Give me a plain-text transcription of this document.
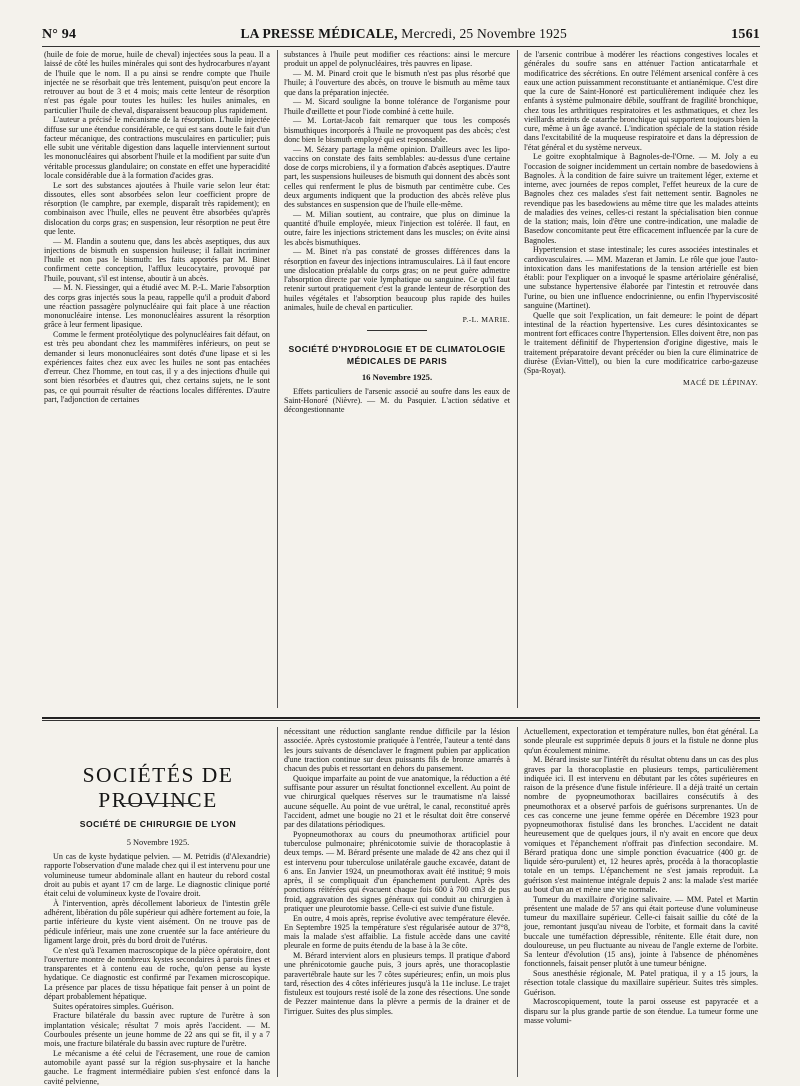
N° 94	LA PRESSE MÉDICALE, Mercredi, 25 Novembre 1925	1561

(huile de foie de morue, huile de cheval) injectées sous la peau. Il a laissé de côté les huiles minérales qui sont des hydrocarbures n'ayant de l'huile que le nom. Il a pu ainsi se rendre compte que l'huile injectée ne se résorbait que très lentement, puisqu'on peut encore la retrouver au bout de 3 et 4 mois; mais cette lenteur de résorption n'est pas égale pour toutes les huiles: les huiles animales, en particulier l'huile de cheval, disparaissent beaucoup plus rapidement.

L'auteur a précisé le mécanisme de la résorption. L'huile injectée diffuse sur une étendue considérable, ce qui est sans doute le fait d'un facteur mécanique, des contractions musculaires en particulier; puis elle subit une véritable digestion dans laquelle interviennent surtout les mononucléaires qui absorbent l'huile et la modifient par suite d'un véritable processus glandulaire; on constate en effet une hyperacidité locale considérable due à la formation d'acides gras.

Le sort des substances ajoutées à l'huile varie selon leur état: dissoutes, elles sont absorbées selon leur coefficient propre de résorption (le camphre, par exemple, disparaît très rapidement); en combinaison avec l'huile, elles ne peuvent être absorbées qu'après dislocation du corps gras; en suspension, leur résorption ne peut être que lente.

— M. Flandin a soutenu que, dans les abcès aseptiques, dus aux injections de bismuth en suspension huileuse; il fallait incriminer l'huile et non pas le bismuth: les faits apportés par M. Binet confirment cette conception, l'afflux leucocytaire, provoqué par l'huile, pouvant, s'il est intense, aboutir à un abcès.

— M. N. Fiessinger, qui a étudié avec M. P.-L. Marie l'absorption des corps gras injectés sous la peau, rappelle qu'il a produit d'abord une réaction passagère polynucléaire qui fait place à une réaction mononucléaire intense. Les mononucléaires assurent la résorption grâce à leur ferment lipasique.

Comme le ferment protéolytique des polynucléaires fait défaut, on est très peu abondant chez les mammifères inférieurs, on peut se demander si leurs mononucléaires sont dotés d'une lipase et si les expériences faites chez eux avec les huiles ne sont pas entachées d'erreur. Chez l'homme, en tout cas, il y a des injections d'huile qui sont bien résorbées et d'autres qui, chez certains sujets, ne le sont pas, ce qui pourrait résulter de réactions locales différentes. D'autre part, l'adjonction de certaines

substances à l'huile peut modifier ces réactions: ainsi le mercure produit un appel de polynucléaires, très pauvres en lipase.

— M. M. Pinard croit que le bismuth n'est pas plus résorbé que l'huile; à l'ouverture des abcès, on trouve le bismuth au même taux que dans la préparation injectée.

— M. Sicard souligne la bonne tolérance de l'organisme pour l'huile d'œillette et pour l'iode combiné à cette huile.

— M. Lortat-Jacob fait remarquer que tous les composés bismuthiques incorporés à l'huile ne provoquent pas des abcès; c'est donc bien le bismuth employé qui est responsable.

— M. Sézary partage la même opinion. D'ailleurs avec les lipo-vaccins on constate des faits semblables: au-dessus d'une certaine dose de corps microbiens, il y a formation d'abcès aseptiques. D'autre part, les suspensions huileuses de bismuth qui donnent des abcès sont celles qui renferment le plus de bismuth par centimètre cube. Ces deux arguments indiquent que la production des abcès relève plus des substances en suspension que de l'huile elle-même.

— M. Milian soutient, au contraire, que plus on diminue la quantité d'huile employée, mieux l'injection est tolérée. Il faut, en outre, faire les injections strictement dans les muscles; on évite ainsi les abcès bismuthiques.

— M. Binet n'a pas constaté de grosses différences dans la résorption en faveur des injections intramusculaires. Là il faut encore une dislocation préalable du corps gras; on ne peut guère admettre l'absorption directe par voie lymphatique ou sanguine. Ce qu'il faut retenir surtout pratiquement c'est la grande lenteur de résorption des huiles végétales et l'absorption beaucoup plus rapide des huiles animales, huile de cheval en particulier.

P.-L. MARIE.
SOCIÉTÉ D'HYDROLOGIE ET DE CLIMATOLOGIE MÉDICALES DE PARIS
16 Novembre 1925.

Effets particuliers de l'arsenic associé au soufre dans les eaux de Saint-Honoré (Nièvre). — M. du Pasquier. L'action sédative et décongestionnante

de l'arsenic contribue à modérer les réactions congestives locales et générales du soufre sans en atténuer l'action anticatarrhale et modificatrice des sécrétions. En outre l'élément arsenical confère à ces eaux une action puissamment reconstituante et antianémique. C'est dire que la cure de Saint-Honoré est particulièrement indiquée chez les enfants à système pulmonaire débile, souffrant de fragilité bronchique, chez tous les arthritiques respiratoires et les asthmatiques, et chez les vieillards atteints de catarrhe bronchique qui supportent toujours bien la cure, même à un âge avancé. L'indication spéciale de la station réside dans l'excitabilité de la muqueuse respiratoire et dans la dépression de l'état général et du système nerveux.

Le goitre exophtalmique à Bagnoles-de-l'Orne. — M. Joly a eu l'occasion de soigner incidemment un certain nombre de basedowiens à Bagnoles. À la condition de faire suivre un traitement léger, externe et interne, avec journées de repos complet, l'effet heureux de la cure de Bagnoles chez ces malades s'est fait nettement sentir. Bagnoles ne revendique pas les basedowiens au même titre que les malades atteints de maladies des veines, celles-ci restant la spécialisation bien connue de la station; mais, loin d'être une contre-indication, une maladie de Basedow concomitante peut être efficacement influencée par la cure de Bagnoles.

Hypertension et stase intestinale; les cures associées intestinales et cardiovasculaires. — MM. Mazeran et Jamin. Le rôle que joue l'auto-intoxication dans les manifestations de la tension artérielle est bien établi: pour l'expliquer on a invoqué le spasme artériolaire généralisé, une substance hypertensive élaborée par l'intestin et retrouvée dans l'urine, ou bien une influence endocrinienne, ou enfin l'hyperviscosité sanguine (Martinet).

Quelle que soit l'explication, un fait demeure: le point de départ intestinal de la réaction hypertensive. Les cures désintoxicantes se montrent fort efficaces contre l'hypertension. Elles doivent être, non pas le traitement définitif de l'hypertension d'origine digestive, mais le traitement préparatoire devant précéder ou bien la cure éliminatrice de diurèse (Évian-Vittel), ou bien la cure modificatrice carbo-gazeuse (Spa-Royat).

MACÉ DE LÉPINAY.
SOCIÉTÉS DE PROVINCE
SOCIÉTÉ DE CHIRURGIE DE LYON
5 Novembre 1925.

Un cas de kyste hydatique pelvien. — M. Petridis (d'Alexandrie) rapporte l'observation d'une malade chez qui il est intervenu pour une volumineuse tumeur abdominale allant en hauteur du rebord costal droit au pubis et ayant 17 cm de large. Le diagnostic clinique porté était celui de volumineux kyste de l'ovaire droit.

À l'intervention, après décollement laborieux de l'intestin grêle adhérent, libération du pôle supérieur qui adhère fortement au foie, la partie inférieure du kyste vient aisément. On ne trouve pas de pédicule inférieur, mais une zone cruentée sur la face antérieure du ligament large droit, près du bord droit de l'utérus.

Ce n'est qu'à l'examen macroscopique de la pièce opératoire, dont l'ouverture montre de nombreux kystes secondaires à parois fines et transparentes et à contenu eau de roche, qu'on pense au kyste hydatique. Ce diagnostic est confirmé par l'examen microscopique. La présence par places de tissu hépatique fait penser à un point de départ probablement hépatique.

Suites opératoires simples. Guérison.

Fracture bilatérale du bassin avec rupture de l'urètre à son implantation vésicale; résultat 7 mois après l'accident. — M. Courboules présente un jeune homme de 22 ans qui se fit, il y a 7 mois, une fracture bilatérale du bassin avec rupture de l'urètre.

Le mécanisme a été celui de l'écrasement, une roue de camion automobile ayant passé sur la région sus-physaire et la hanche gauche. Le fragment intermédiaire pubien s'est enfoncé dans la cavité pelvienne,

nécessitant une réduction sanglante rendue difficile par la lésion associée. Après cystostomie pratiquée à l'entrée, l'auteur a tenté dans les jours suivants de désenclaver le fragment pubien par application d'une traction continue sur deux puissants fils de bronze amarrés à chacun des pubis et ressortant en dehors du pansement.

Quoique imparfaite au point de vue anatomique, la réduction a été suffisante pour assurer un résultat fonctionnel excellent. Au point de vue chirurgical quelques réserves sur le traumatisme n'a laissé aucune séquelle. Au point de vue urétral, le canal, reconstitué après l'accident, admet une bougie no 21 et le résultat doit être conservé par des dilatations périodiques.

Pyopneumothorax au cours du pneumothorax artificiel pour tuberculose pulmonaire; phrénicotomie suivie de thoracoplastie à deux temps. — M. Bérard présente une malade de 42 ans chez qui il est intervenu pour tuberculose unilatérale gauche excavée, datant de 6 ans. En Janvier 1924, un pneumothorax avait été institué; 9 mois après, il se compliquait d'un épanchement purulent. Après des ponctions réitérées qui évacuent chaque fois 600 à 700 cm3 de pus froid, aggravation des signes généraux qui conduit au chirurgien à pratiquer une pleurotomie basse. Celle-ci est suivie d'une fistule.

En outre, 4 mois après, reprise évolutive avec température élevée. En Septembre 1925 la température s'est régularisée autour de 37°8, mais la malade s'est affaiblie. La fistule accède dans une cavité pleurale en forme de puits étendu de la base à la 3e côte.

M. Bérard intervient alors en plusieurs temps. Il pratique d'abord une phrénicotomie gauche puis, 3 jours après, une thoracoplastie paravertébrale haute sur les 7 côtes supérieures; enfin, un mois plus tard, résection des 4 côtes inférieures jusqu'à la 11e incluse. Le trajet fistuleux est toujours resté isolé de la zone des résections. Une sonde de Pezzer maintenue dans la plèvre a permis de la drainer et de l'irriguer. Suites des plus simples.

Actuellement, expectoration et température nulles, bon état général. La sonde pleurale est supprimée depuis 8 jours et la fistule ne donne plus qu'un écoulement minime.

M. Bérard insiste sur l'intérêt du résultat obtenu dans un cas des plus graves par la thoracoplastie en plusieurs temps, particulièrement indiquée ici. Il est intervenu en débutant par les côtes supérieures en raison de la présence d'une fistule inférieure. Il a déjà traité un certain nombre de pyopneumothorax bacillaires consécutifs à des pneumothorax et a observé parfois de guérisons surprenantes. Un de ces cas concerne une jeune femme opérée en Décembre 1923 pour pyopneumothorax fistulisé dans les bronches. L'accident ne datait heureusement que de quelques jours, il n'y avait en encore que deux vomiques et l'épanchement n'offrait pas d'infection secondaire. M. Bérard pratiqua donc une simple ponction évacuatrice (400 gr. de liquide séro-purulent) et, 12 heures après, procéda à la thoracoplastie totale en un temps. L'épanchement ne s'est jamais reproduit. La guérison s'est maintenue intégrale depuis 2 ans: la malade s'est mariée au bout d'un an et mène une vie normale.

Tumeur du maxillaire d'origine salivaire. — MM. Patel et Martin présentent une malade de 57 ans qui était porteuse d'une volumineuse tumeur du maxillaire supérieur. Celle-ci faisait saillie du côté de la joue, remontant jusqu'au niveau de l'orbite, et formait dans la cavité buccale une tuméfaction dépressible, rénitente. Elle était dure, non douloureuse, un peu fluctuante au niveau de l'angle externe de l'orbite. Sa lenteur d'évolution (15 ans), jointe à l'absence de phénomènes fonctionnels, faisait penser plutôt à une tumeur bénigne.

Sous anesthésie régionale, M. Patel pratiqua, il y a 15 jours, la résection totale classique du maxillaire supérieur. Suites très simples. Guérison.

Macroscopiquement, toute la paroi osseuse est papyracée et a disparu sur la plus grande partie de son étendue. La tumeur forme une masse volumi-
